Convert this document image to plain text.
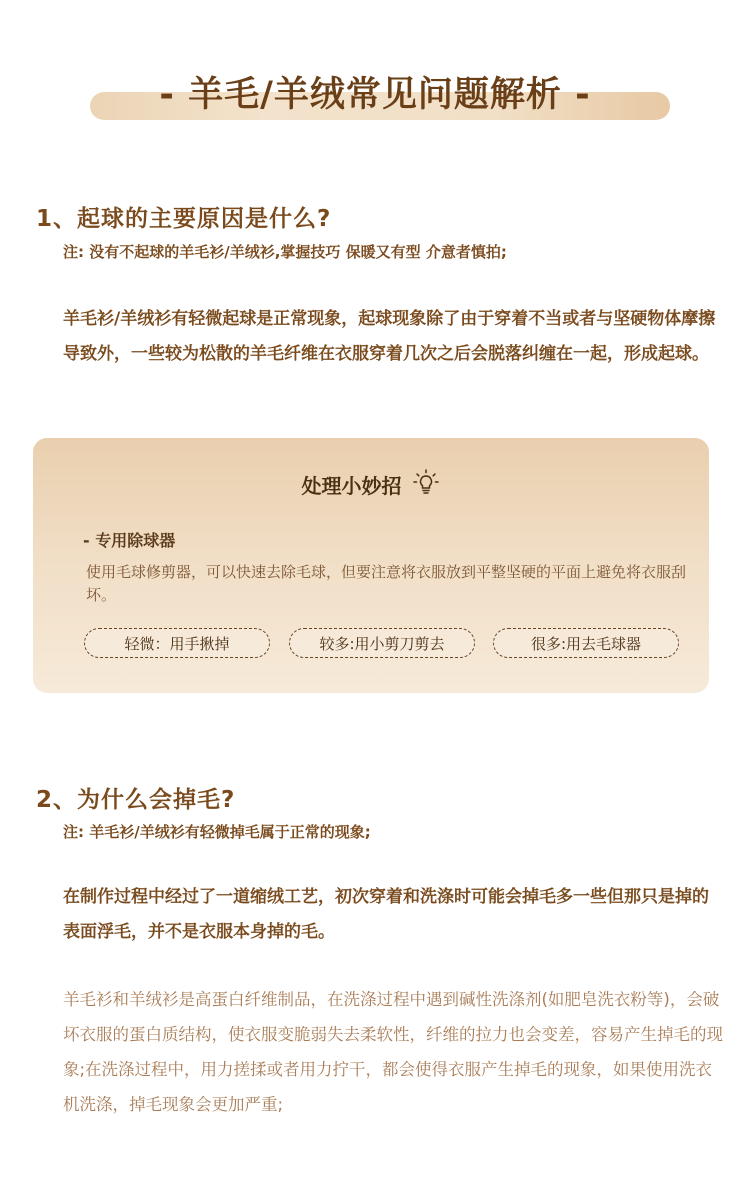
- 羊毛/羊绒常见问题解析 -
1、起球的主要原因是什么?
注: 没有不起球的羊毛衫/羊绒衫,掌握技巧 保暖又有型 介意者慎拍;
羊毛衫/羊绒衫有轻微起球是正常现象，起球现象除了由于穿着不当或者与坚硬物体摩擦导致外，一些较为松散的羊毛纤维在衣服穿着几次之后会脱落纠缠在一起，形成起球。
处理小妙招
- 专用除球器
使用毛球修剪器，可以快速去除毛球，但要注意将衣服放到平整坚硬的平面上避免将衣服刮坏。
轻微：用手揪掉	较多:用小剪刀剪去	很多:用去毛球器
2、为什么会掉毛?
注: 羊毛衫/羊绒衫有轻微掉毛属于正常的现象;
在制作过程中经过了一道缩绒工艺，初次穿着和洗涤时可能会掉毛多一些但那只是掉的表面浮毛，并不是衣服本身掉的毛。
羊毛衫和羊绒衫是高蛋白纤维制品，在洗涤过程中遇到碱性洗涤剂(如肥皂洗衣粉等)，会破坏衣服的蛋白质结构，使衣服变脆弱失去柔软性，纤维的拉力也会变差，容易产生掉毛的现象;在洗涤过程中，用力搓揉或者用力拧干，都会使得衣服产生掉毛的现象，如果使用洗衣机洗涤，掉毛现象会更加严重;
